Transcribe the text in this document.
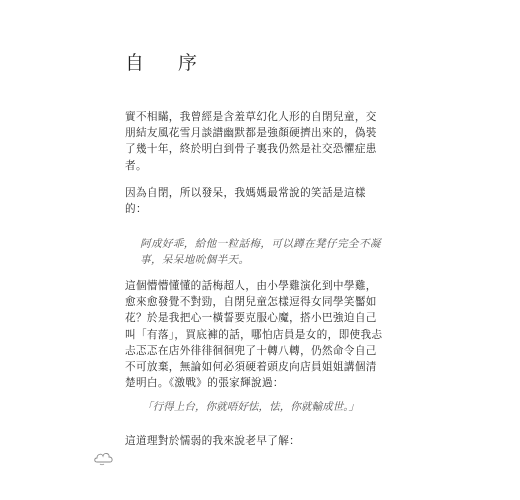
自 序
實不相瞞，我曾經是含羞草幻化人形的自閉兒童，交
朋結友風花雪月談譜幽默都是強顏硬擠出來的，偽裝
了幾十年，終於明白到骨子裏我仍然是社交恐懼症患
者。
因為自閉，所以發呆，我媽媽最常說的笑話是這樣
的：
阿成好乖，給他一粒話梅，可以蹲在凳仔完全不凝
事，呆呆地吮個半天。
這個懵懵懂懂的話梅超人，由小學雞演化到中學雞，
愈來愈發覺不對勁，自閉兒童怎樣逗得女同學笑靨如
花？於是我把心一橫誓要克服心魔，搭小巴強迫自己
叫「有落」，買底褲的話，哪怕店員是女的，即使我忐
忐忑忑在店外徘徘徊徊兜了十轉八轉，仍然命令自己
不可放棄，無論如何必須硬着頭皮向店員姐姐講個清
楚明白。《激戰》的張家輝說過：
「行得上台，你就唔好怯，怯，你就輸成世。」
這道理對於懦弱的我來說老早了解：
